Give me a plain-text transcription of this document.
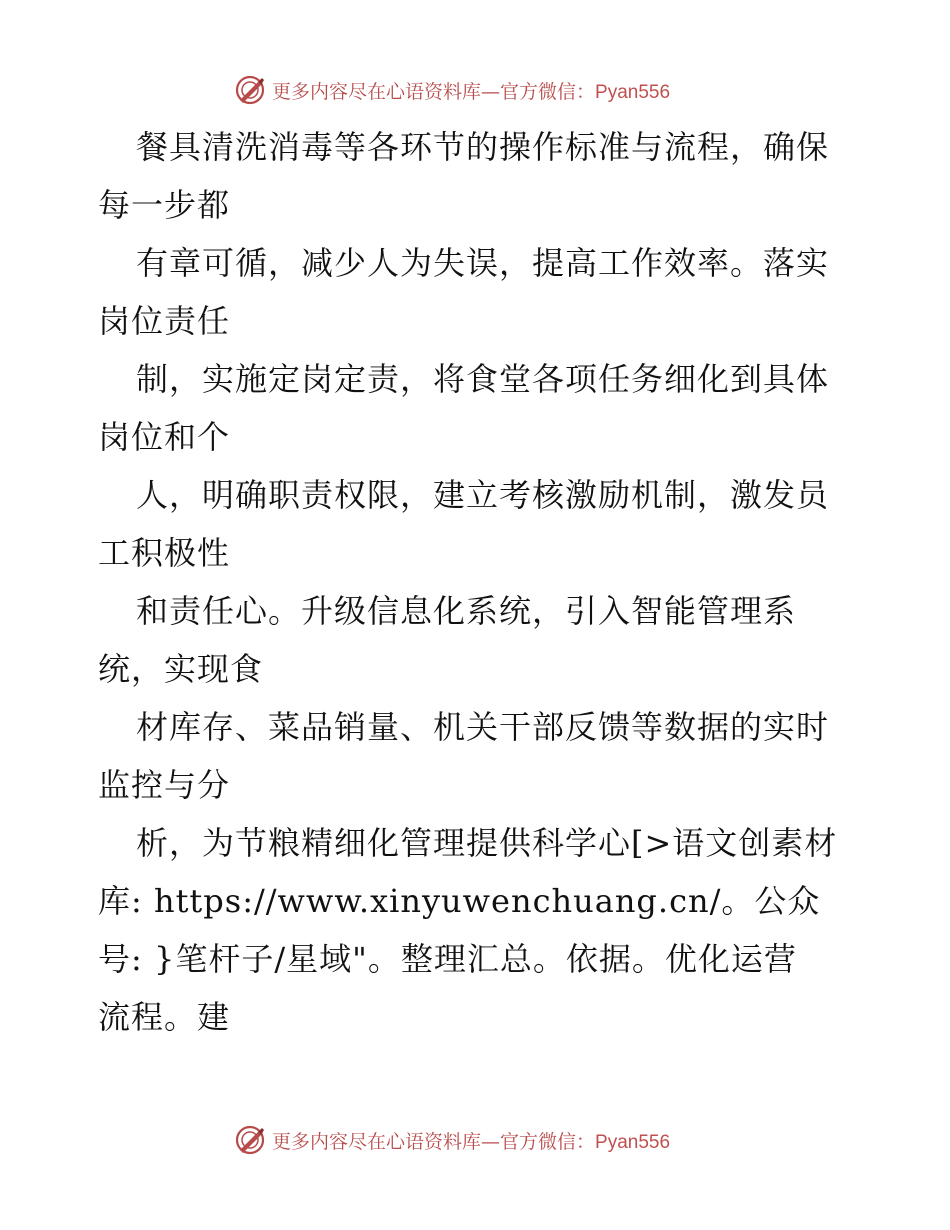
更多内容尽在心语资料库—官方微信：Pyan556
餐具清洗消毒等各环节的操作标准与流程，确保
每一步都
有章可循，减少人为失误，提高工作效率。落实
岗位责任
制，实施定岗定责，将食堂各项任务细化到具体
岗位和个
人，明确职责权限，建立考核激励机制，激发员
工积极性
和责任心。升级信息化系统，引入智能管理系
统，实现食
材库存、菜品销量、机关干部反馈等数据的实时
监控与分
析，为节粮精细化管理提供科学心[>语文创素材
库: https://www.xinyuwenchuang.cn/。公众
号: }笔杆子/星域"。整理汇总。依据。优化运营
流程。建
更多内容尽在心语资料库—官方微信：Pyan556
